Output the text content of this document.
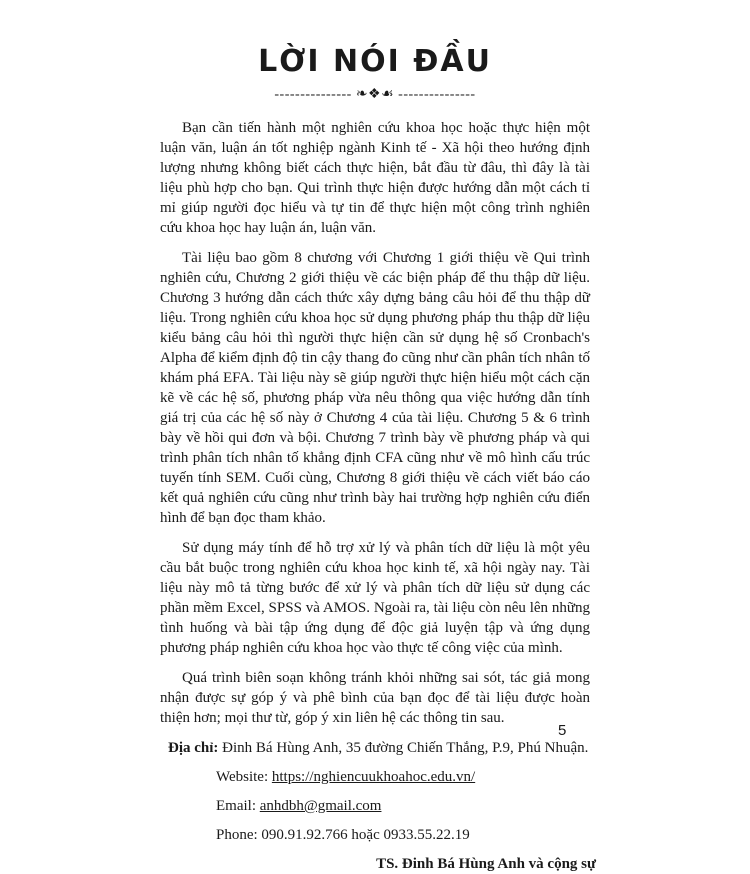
LỜI NÓI ĐẦU
--------------- ❧❖☙ ---------------

Bạn cần tiến hành một nghiên cứu khoa học hoặc thực hiện một luận văn, luận án tốt nghiệp ngành Kinh tế - Xã hội theo hướng định lượng nhưng không biết cách thực hiện, bắt đầu từ đâu, thì đây là tài liệu phù hợp cho bạn. Qui trình thực hiện được hướng dẫn một cách tỉ mỉ giúp người đọc hiểu và tự tin để thực hiện một công trình nghiên cứu khoa học hay luận án, luận văn.

Tài liệu bao gồm 8 chương với Chương 1 giới thiệu về Qui trình nghiên cứu, Chương 2 giới thiệu về các biện pháp để thu thập dữ liệu. Chương 3 hướng dẫn cách thức xây dựng bảng câu hỏi để thu thập dữ liệu. Trong nghiên cứu khoa học sử dụng phương pháp thu thập dữ liệu kiểu bảng câu hỏi thì người thực hiện cần sử dụng hệ số Cronbach's Alpha để kiểm định độ tin cậy thang đo cũng như cần phân tích nhân tố khám phá EFA. Tài liệu này sẽ giúp người thực hiện hiểu một cách cặn kẽ về các hệ số, phương pháp vừa nêu thông qua việc hướng dẫn tính giá trị của các hệ số này ở Chương 4 của tài liệu. Chương 5 & 6 trình bày về hồi qui đơn và bội. Chương 7 trình bày về phương pháp và qui trình phân tích nhân tố khẳng định CFA cũng như về mô hình cấu trúc tuyến tính SEM. Cuối cùng, Chương 8 giới thiệu về cách viết báo cáo kết quả nghiên cứu cũng như trình bày hai trường hợp nghiên cứu điển hình để bạn đọc tham khảo.

Sử dụng máy tính để hỗ trợ xử lý và phân tích dữ liệu là một yêu cầu bắt buộc trong nghiên cứu khoa học kinh tế, xã hội ngày nay. Tài liệu này mô tả từng bước để xử lý và phân tích dữ liệu sử dụng các phần mềm Excel, SPSS và AMOS. Ngoài ra, tài liệu còn nêu lên những tình huống và bài tập ứng dụng để độc giả luyện tập và ứng dụng phương pháp nghiên cứu khoa học vào thực tế công việc của mình.

Quá trình biên soạn không tránh khỏi những sai sót, tác giả mong nhận được sự góp ý và phê bình của bạn đọc để tài liệu được hoàn thiện hơn; mọi thư từ, góp ý xin liên hệ các thông tin sau.

Địa chỉ: Đinh Bá Hùng Anh, 35 đường Chiến Thắng, P.9, Phú Nhuận.
Website: https://nghiencuukhoahoc.edu.vn/
Email: anhdbh@gmail.com
Phone: 090.91.92.766 hoặc 0933.55.22.19
TS. Đinh Bá Hùng Anh và cộng sự
5
